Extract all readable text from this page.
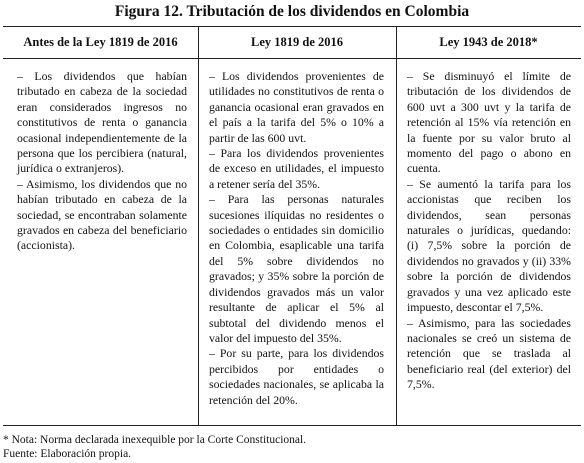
Figura 12. Tributación de los dividendos en Colombia
Antes de la Ley 1819 de 2016	Ley 1819 de 2016	Ley 1943 de 2018*

– Los dividendos que habían tributado en cabeza de la sociedad eran considerados ingresos no constitutivos de renta o ganancia ocasional independientemente de la persona que los percibiera (natural, jurídica o extranjeros).

– Asimismo, los dividendos que no habían tributado en cabeza de la sociedad, se encontraban solamente gravados en cabeza del beneficiario (accionista).

– Los dividendos provenientes de utilidades no constitutivos de renta o ganancia ocasional eran gravados en el país a la tarifa del 5% o 10% a partir de las 600 uvt.

– Para los dividendos provenientes de exceso en utilidades, el impuesto a retener sería del 35%.

– Para las personas naturales sucesiones ilíquidas no residentes o sociedades o entidades sin domicilio en Colombia, esaplicable una tarifa del 5% sobre dividendos no gravados; y 35% sobre la porción de dividendos gravados más un valor resultante de aplicar el 5% al subtotal del dividendo menos el valor del impuesto del 35%.

– Por su parte, para los dividendos percibidos por entidades o sociedades nacionales, se aplicaba la retención del 20%.

– Se disminuyó el límite de tributación de los dividendos de 600 uvt a 300 uvt y la tarifa de retención al 15% vía retención en la fuente por su valor bruto al momento del pago o abono en cuenta.

– Se aumentó la tarifa para los accionistas que reciben los dividendos, sean personas naturales o jurídicas, quedando: (i) 7,5% sobre la porción de dividendos no gravados y (ii) 33% sobre la porción de dividendos gravados y una vez aplicado este impuesto, descontar el 7,5%.

– Asimismo, para las sociedades nacionales se creó un sistema de retención que se traslada al beneficiario real (del exterior) del 7,5%.

* Nota: Norma declarada inexequible por la Corte Constitucional.
Fuente: Elaboración propia.
